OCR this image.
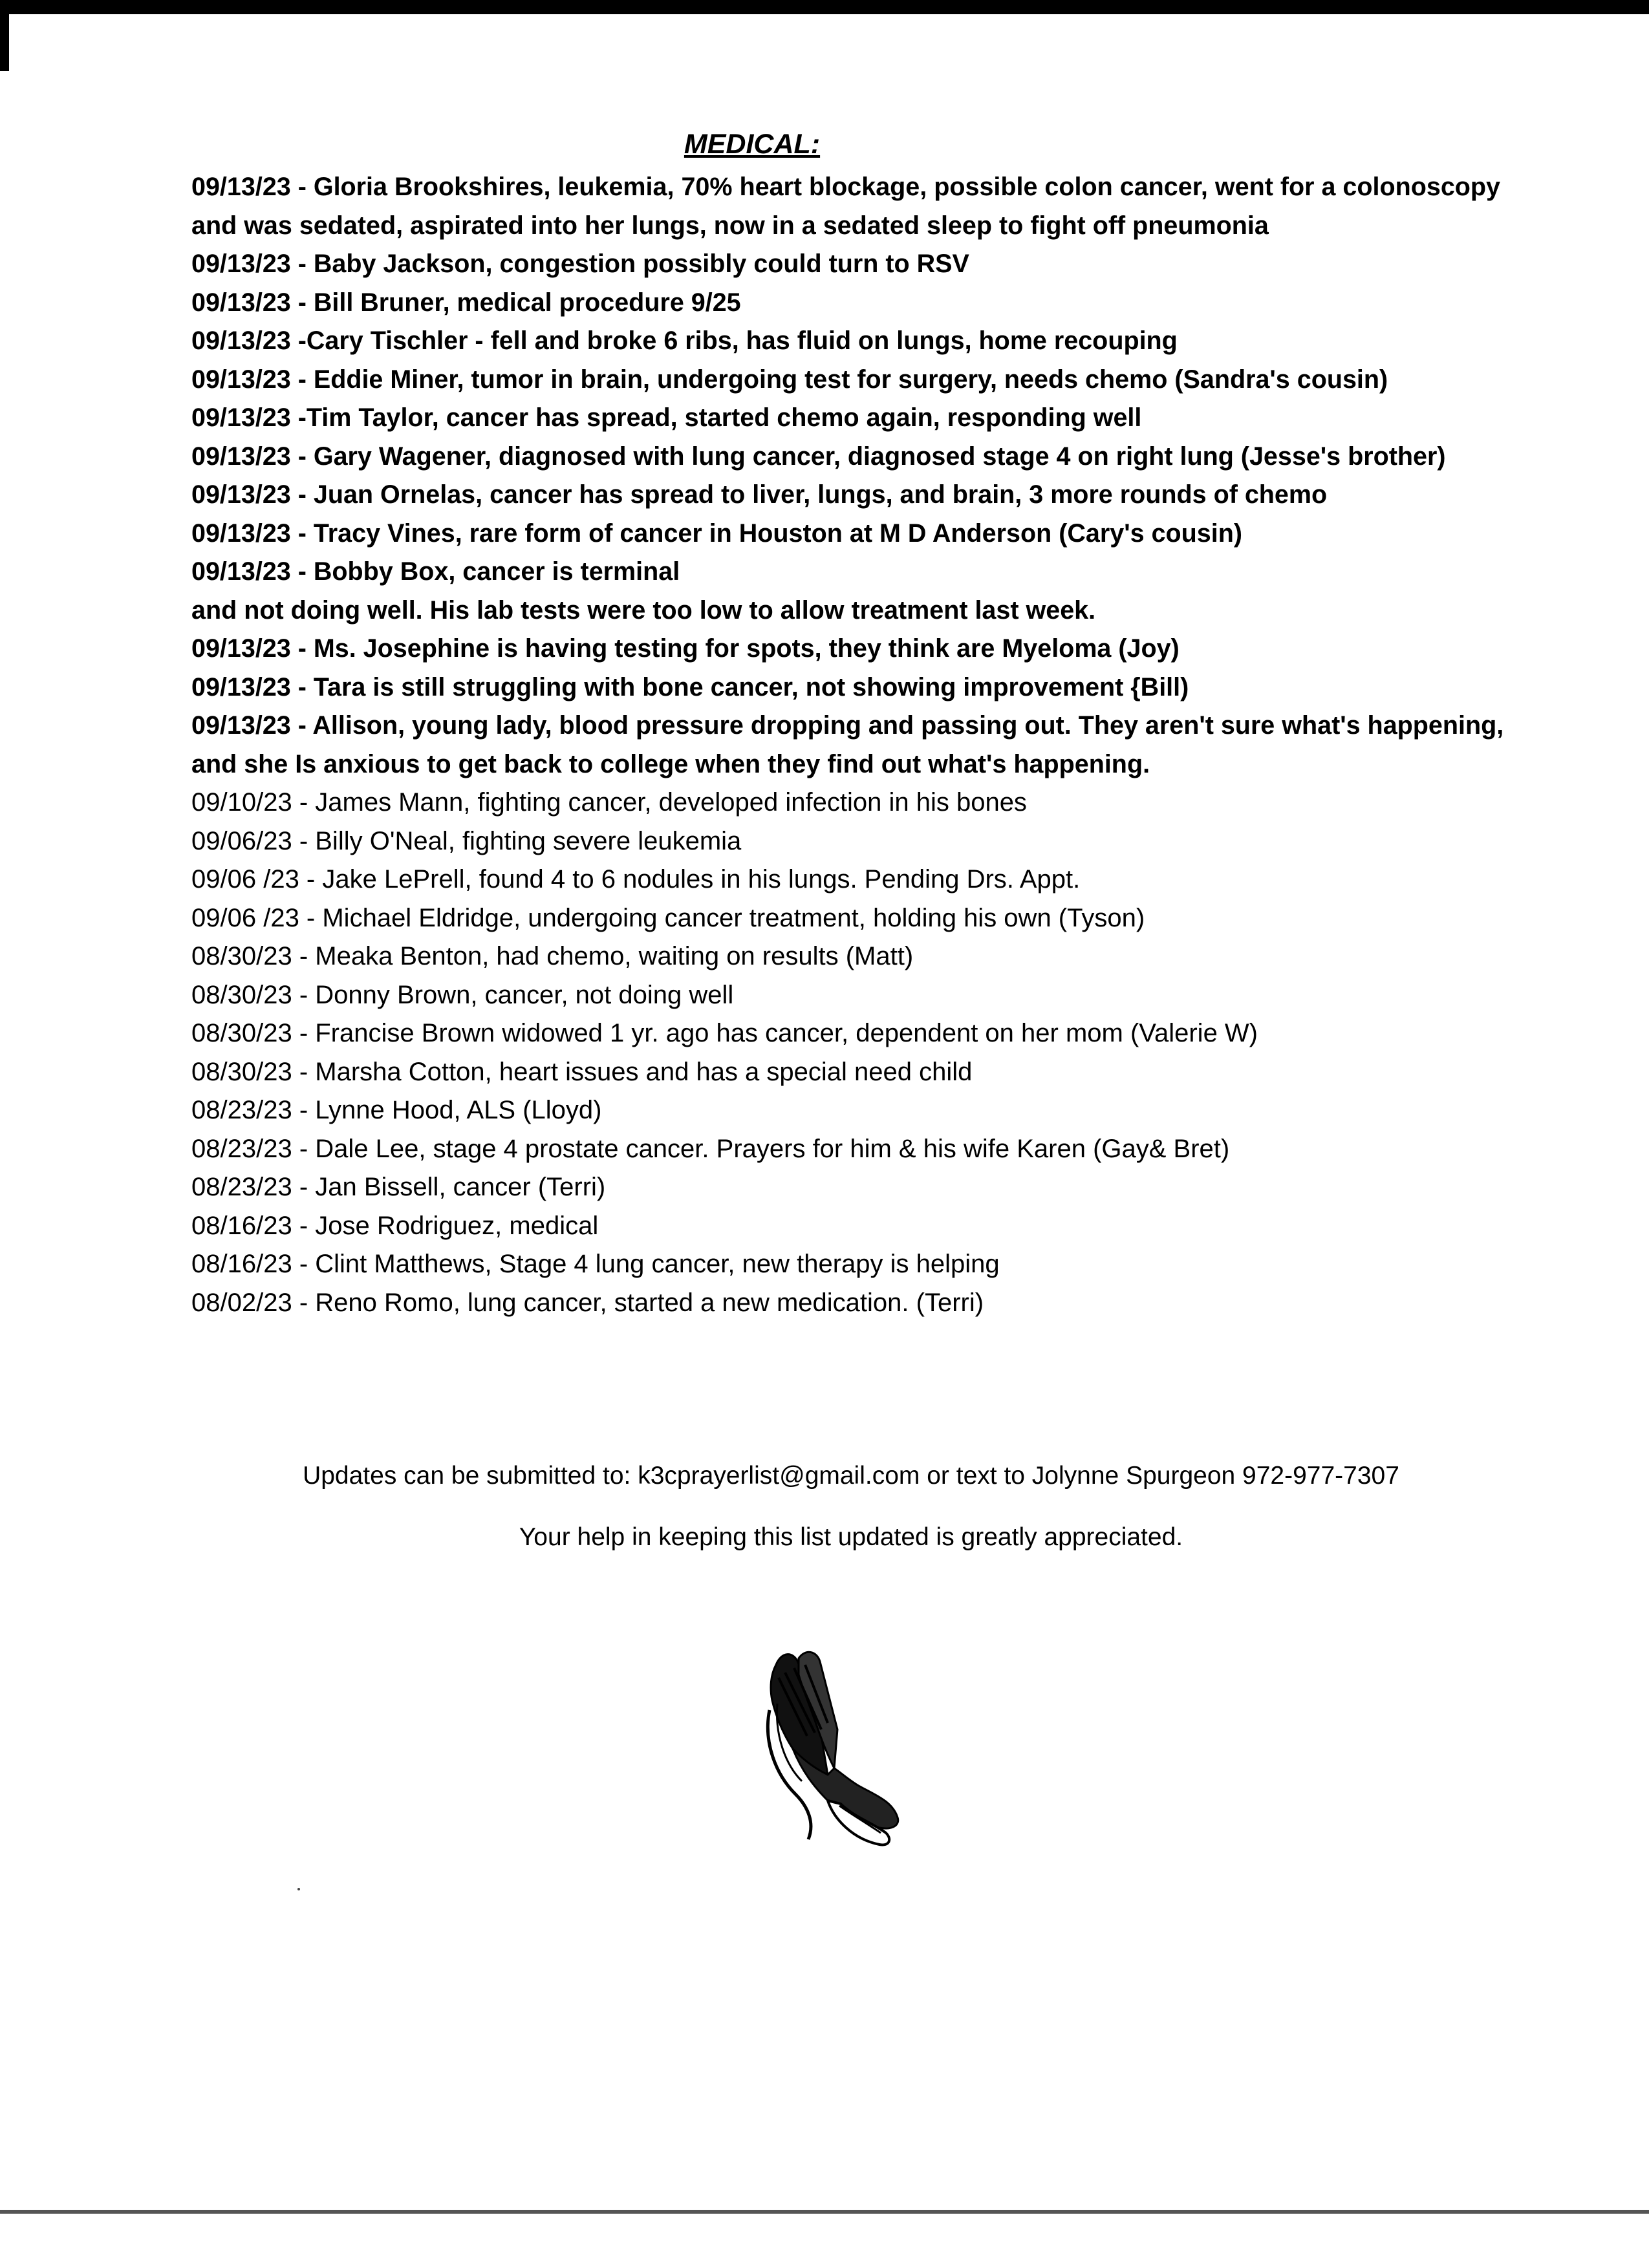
MEDICAL:
09/13/23 - Gloria Brookshires, leukemia, 70% heart blockage, possible colon cancer, went for a colonoscopy and was sedated, aspirated into her lungs, now in a sedated sleep to fight off pneumonia
09/13/23 - Baby Jackson, congestion possibly could turn to RSV
09/13/23 - Bill Bruner, medical procedure 9/25
09/13/23 -Cary Tischler - fell and broke 6 ribs, has fluid on lungs, home recouping
09/13/23 - Eddie Miner, tumor in brain, undergoing test for surgery, needs chemo (Sandra's cousin)
09/13/23 -Tim Taylor, cancer has spread, started chemo again, responding well
09/13/23 - Gary Wagener, diagnosed with lung cancer, diagnosed stage 4 on right lung (Jesse's brother)
09/13/23 - Juan Ornelas, cancer has spread to liver, lungs, and brain, 3 more rounds of chemo
09/13/23 - Tracy Vines, rare form of cancer in Houston at M D Anderson (Cary's cousin)
09/13/23 - Bobby Box, cancer is terminal
and not doing well. His lab tests were too low to allow treatment last week.
09/13/23 - Ms. Josephine is having testing for spots, they think are Myeloma (Joy)
09/13/23 - Tara is still struggling with bone cancer, not showing improvement {Bill)
09/13/23 - Allison, young lady, blood pressure dropping and passing out. They aren't sure what's happening, and she Is anxious to get back to college when they find out what's happening.
09/10/23 - James Mann, fighting cancer, developed infection in his bones
09/06/23 - Billy O'Neal, fighting severe leukemia
09/06 /23 - Jake LePrell, found 4 to 6 nodules in his lungs. Pending Drs. Appt.
09/06 /23 - Michael Eldridge, undergoing cancer treatment, holding his own (Tyson)
08/30/23 - Meaka Benton, had chemo, waiting on results (Matt)
08/30/23 - Donny Brown, cancer, not doing well
08/30/23 - Francise Brown widowed 1 yr. ago has cancer, dependent on her mom (Valerie W)
08/30/23 - Marsha Cotton, heart issues and has a special need child
08/23/23 - Lynne Hood, ALS (Lloyd)
08/23/23 - Dale Lee, stage 4 prostate cancer. Prayers for him & his wife Karen (Gay& Bret)
08/23/23 - Jan Bissell, cancer (Terri)
08/16/23 - Jose Rodriguez, medical
08/16/23 - Clint Matthews, Stage 4 lung cancer, new therapy is helping
08/02/23 - Reno Romo, lung cancer, started a new medication. (Terri)

Updates can be submitted to: k3cprayerlist@gmail.com or text to Jolynne Spurgeon 972-977-7307

Your help in keeping this list updated is greatly appreciated.
